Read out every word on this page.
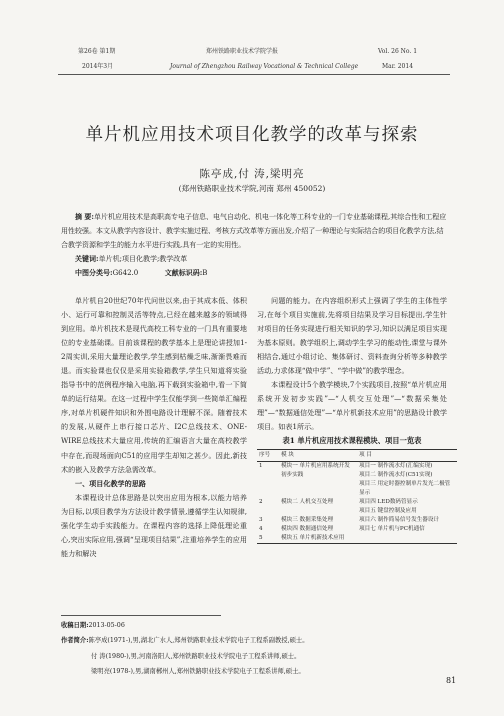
第26卷 第1期	郑州铁路职业技术学院学报	Vol. 26 No. 1
2014年3月	Journal of Zhengzhou Railway Vocational & Technical College	Mar. 2014
单片机应用技术项目化教学的改革与探索
陈亭成,付 涛,梁明亮
(郑州铁路职业技术学院,河南 郑州 450052)
摘 要:单片机应用技术是高职高专电子信息、电气自动化、机电一体化等工科专业的一门专业基础课程,其综合性和工程应用性较强。本文从教学内容设计、教学实施过程、考核方式改革等方面出发,介绍了一种理论与实际结合的项目化教学方法,结合教学资源和学生的能力水平进行实践,具有一定的实用性。
关键词:单片机;项目化教学;教学改革
中图分类号:G642.0	文献标识码:B

单片机自20世纪70年代问世以来,由于其成本低、体积小、运行可靠和控制灵活等特点,已经在越来越多的领域得到应用。单片机技术是现代高校工科专业的一门具有重要地位的专业基础课。目前该课程的教学基本上是理论讲授加1-2周实训,采用大量理论教学,学生感到枯燥乏味,渐渐畏难而退。而实验课也仅仅是采用实验箱教学,学生只知道将实验指导书中的范例程序输入电脑,再下载到实验箱中,看一下简单的运行结果。在这一过程中学生仅能学到一些简单汇编程序,对单片机硬件知识和外围电路设计理解不深。随着技术的发展,从硬件上串行接口芯片、I2C总线技术、ONE-WIRE总线技术大量应用,传统的汇编语言大量在高校教学中存在,而现场面向C51的应用学生却知之甚少。因此,新技术的嵌入及教学方法急需改革。

一、项目化教学的思路

本课程设计总体思路是以突出应用为根本,以能力培养为目标,以项目教学为方法设计教学情景,遵循学生认知规律,强化学生动手实践能力。在课程内容的选择上降低理论重心,突出实际应用,强调“呈现项目结果”,注重培养学生的应用能力和解决

问题的能力。在内容组织形式上强调了学生的主体性学习,在每个项目实施前,先将项目结果及学习目标提出,学生针对项目的任务实现进行相关知识的学习,知识以满足项目实现为基本原则。教学组织上,调动学生学习的能动性,课堂与课外相结合,通过小组讨论、集体研讨、资料查询分析等多种教学活动,力求体现“做中学”、“学中做”的教学理念。

本课程设计5个教学模块,7个实践项目,按照“单片机应用系统开发初步实践”—“人机交互处理”—“数据采集处理”—“数据通信处理”—“单片机新技术应用”的思路设计教学项目。如表1所示。

表1 单片机应用技术课程模块、项目一览表

序号	模 块	项 目
1	模块一 单片机应用系统开发初步实践	项目一 制作流水灯(汇编实现)
项目二 制作流水灯(C51实现)
项目三 用定时器控制单片发光二极管显示

2	模块二 人机交互处理	项目四 LED数码管显示
项目五 键盘控制及应用

3	模块三 数据采集处理	项目六 制作简易信号发生器设计

4	模块四 数据通信处理	项目七 单片机与PC机通信

5	模块五 单片机新技术应用	
收稿日期:2013-05-06
作者简介:陈亭成(1971-),男,湖北广水人,郑州铁路职业技术学院电子工程系副教授,硕士。
付 涛(1980-),男,河南洛阳人,郑州铁路职业技术学院电子工程系讲师,硕士。
梁明亮(1978-),男,湖南郴州人,郑州铁路职业技术学院电子工程系讲师,硕士。
81
